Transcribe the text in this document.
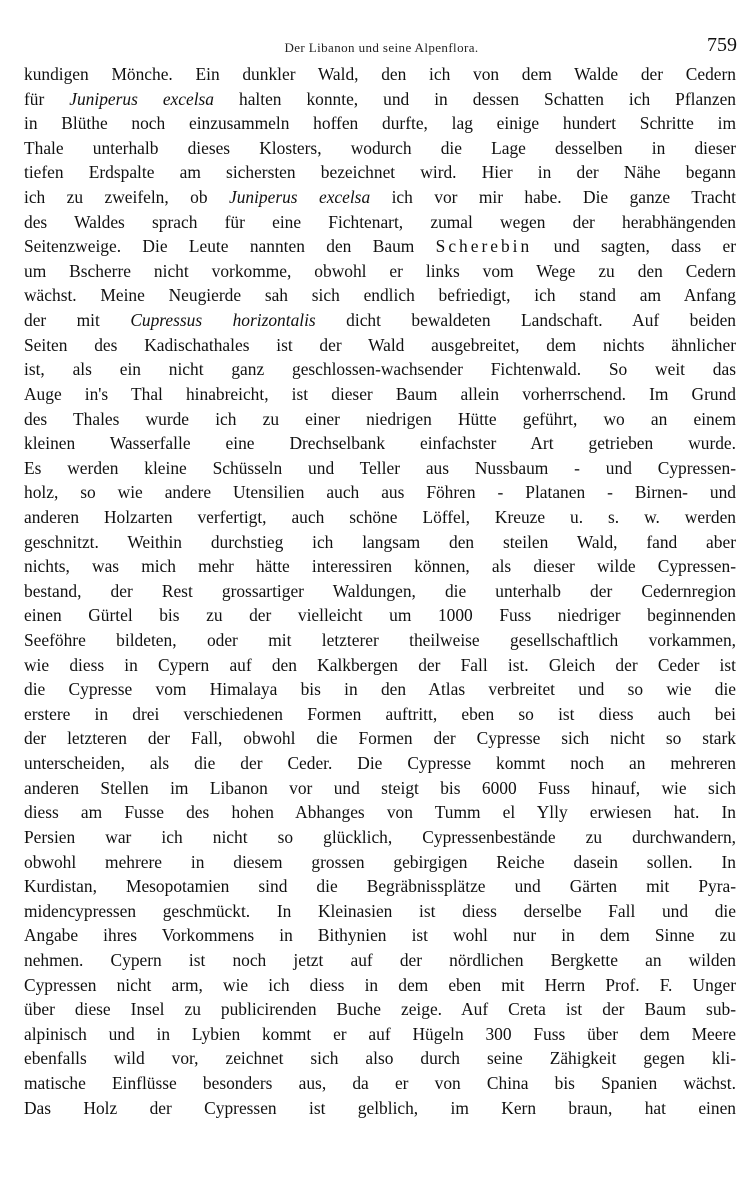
Der Libanon und seine Alpenflora.	759
kundigen Mönche. Ein dunkler Wald, den ich von dem Walde der Cedern
für Juniperus excelsa halten konnte, und in dessen Schatten ich Pflanzen
in Blüthe noch einzusammeln hoffen durfte, lag einige hundert Schritte im
Thale unterhalb dieses Klosters, wodurch die Lage desselben in dieser
tiefen Erdspalte am sichersten bezeichnet wird. Hier in der Nähe begann
ich zu zweifeln, ob Juniperus excelsa ich vor mir habe. Die ganze Tracht
des Waldes sprach für eine Fichtenart, zumal wegen der herabhängenden
Seitenzweige. Die Leute nannten den Baum Scherebin und sagten, dass er
um Bscherre nicht vorkomme, obwohl er links vom Wege zu den Cedern
wächst. Meine Neugierde sah sich endlich befriedigt, ich stand am Anfang
der mit Cupressus horizontalis dicht bewaldeten Landschaft. Auf beiden
Seiten des Kadischathales ist der Wald ausgebreitet, dem nichts ähnlicher
ist, als ein nicht ganz geschlossen-wachsender Fichtenwald. So weit das
Auge in's Thal hinabreicht, ist dieser Baum allein vorherrschend. Im Grund
des Thales wurde ich zu einer niedrigen Hütte geführt, wo an einem
kleinen Wasserfalle eine Drechselbank einfachster Art getrieben wurde.
Es werden kleine Schüsseln und Teller aus Nussbaum - und Cypressen-
holz, so wie andere Utensilien auch aus Föhren - Platanen - Birnen- und
anderen Holzarten verfertigt, auch schöne Löffel, Kreuze u. s. w. werden
geschnitzt. Weithin durchstieg ich langsam den steilen Wald, fand aber
nichts, was mich mehr hätte interessiren können, als dieser wilde Cypressen-
bestand, der Rest grossartiger Waldungen, die unterhalb der Cedernregion
einen Gürtel bis zu der vielleicht um 1000 Fuss niedriger beginnenden
Seeföhre bildeten, oder mit letzterer theilweise gesellschaftlich vorkammen,
wie diess in Cypern auf den Kalkbergen der Fall ist. Gleich der Ceder ist
die Cypresse vom Himalaya bis in den Atlas verbreitet und so wie die
erstere in drei verschiedenen Formen auftritt, eben so ist diess auch bei
der letzteren der Fall, obwohl die Formen der Cypresse sich nicht so stark
unterscheiden, als die der Ceder. Die Cypresse kommt noch an mehreren
anderen Stellen im Libanon vor und steigt bis 6000 Fuss hinauf, wie sich
diess am Fusse des hohen Abhanges von Tumm el Ylly erwiesen hat. In
Persien war ich nicht so glücklich, Cypressenbestände zu durchwandern,
obwohl mehrere in diesem grossen gebirgigen Reiche dasein sollen. In
Kurdistan, Mesopotamien sind die Begräbnissplätze und Gärten mit Pyra-
midencypressen geschmückt. In Kleinasien ist diess derselbe Fall und die
Angabe ihres Vorkommens in Bithynien ist wohl nur in dem Sinne zu
nehmen. Cypern ist noch jetzt auf der nördlichen Bergkette an wilden
Cypressen nicht arm, wie ich diess in dem eben mit Herrn Prof. F. Unger
über diese Insel zu publicirenden Buche zeige. Auf Creta ist der Baum sub-
alpinisch und in Lybien kommt er auf Hügeln 300 Fuss über dem Meere
ebenfalls wild vor, zeichnet sich also durch seine Zähigkeit gegen kli-
matische Einflüsse besonders aus, da er von China bis Spanien wächst.
Das Holz der Cypressen ist gelblich, im Kern braun, hat einen
